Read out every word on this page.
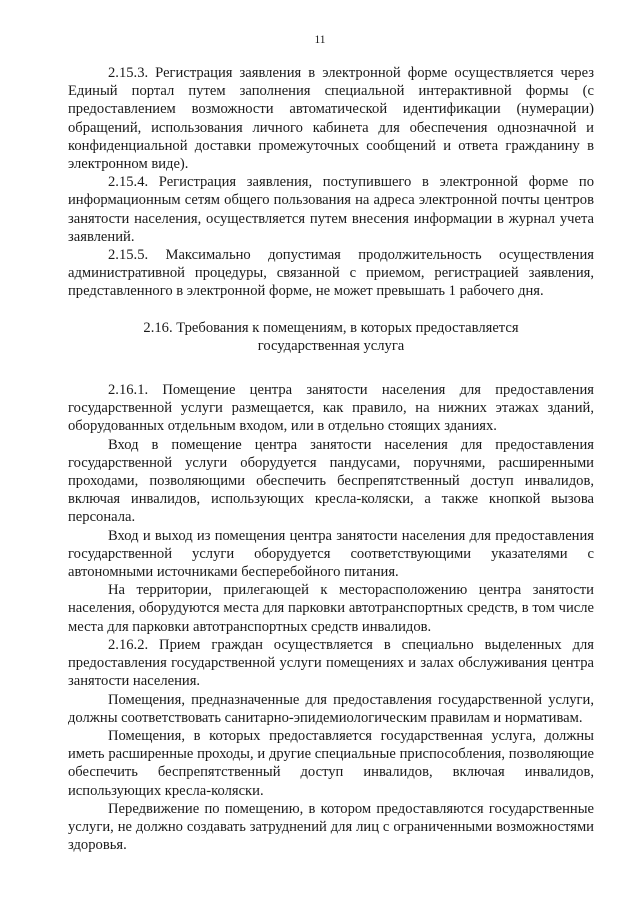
11

2.15.3. Регистрация заявления в электронной форме осуществляется через Единый портал путем заполнения специальной интерактивной формы (с предоставлением возможности автоматической идентификации (нумерации) обращений, использования личного кабинета для обеспечения однозначной и конфиденциальной доставки промежуточных сообщений и ответа гражданину в электронном виде).

2.15.4. Регистрация заявления, поступившего в электронной форме по информационным сетям общего пользования на адреса электронной почты центров занятости населения, осуществляется путем внесения информации в журнал учета заявлений.

2.15.5. Максимально допустимая продолжительность осуществления административной процедуры, связанной с приемом, регистрацией заявления, представленного в электронной форме, не может превышать 1 рабочего дня.

2.16. Требования к помещениям, в которых предоставляется
государственная услуга

2.16.1. Помещение центра занятости населения для предоставления государственной услуги размещается, как правило, на нижних этажах зданий, оборудованных отдельным входом, или в отдельно стоящих зданиях.

Вход в помещение центра занятости населения для предоставления государственной услуги оборудуется пандусами, поручнями, расширенными проходами, позволяющими обеспечить беспрепятственный доступ инвалидов, включая инвалидов, использующих кресла-коляски, а также кнопкой вызова персонала.

Вход и выход из помещения центра занятости населения для предоставления государственной услуги оборудуется соответствующими указателями с автономными источниками бесперебойного питания.

На территории, прилегающей к месторасположению центра занятости населения, оборудуются места для парковки автотранспортных средств, в том числе места для парковки автотранспортных средств инвалидов.

2.16.2. Прием граждан осуществляется в специально выделенных для предоставления государственной услуги помещениях и залах обслуживания центра занятости населения.

Помещения, предназначенные для предоставления государственной услуги, должны соответствовать санитарно-эпидемиологическим правилам и нормативам.

Помещения, в которых предоставляется государственная услуга, должны иметь расширенные проходы, и другие специальные приспособления, позволяющие обеспечить беспрепятственный доступ инвалидов, включая инвалидов, использующих кресла-коляски.

Передвижение по помещению, в котором предоставляются государственные услуги, не должно создавать затруднений для лиц с ограниченными возможностями здоровья.
